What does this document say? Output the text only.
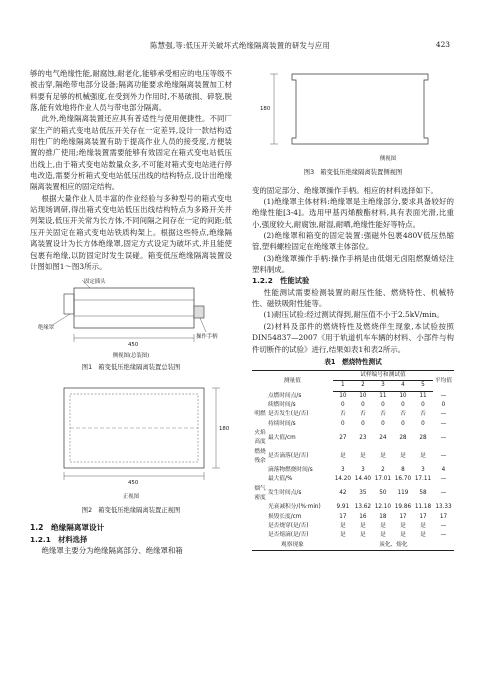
陈慧强,等:低压开关破坏式绝缘隔离装置的研发与应用	423

够的电气绝缘性能,耐腐蚀,耐老化,能够承受相应的电压等级不被击穿,隔绝带电部分设备;隔离功能要求绝缘隔离装置加工材料要有足够的机械强度,在受到外力作用时,不易破损、碎裂,脱落,能有效地将作业人员与带电部分隔离。

此外,绝缘隔离装置还应具有普适性与使用便捷性。不同厂家生产的箱式变电站低压开关存在一定差异,设计一款结构适用性广的绝缘隔离装置有助于提高作业人员的接受度,方便装置的推广使用;绝缘装置需要能够有效固定在箱式变电站低压出线上,由于箱式变电站数量众多,不可能对箱式变电站进行停电改造,需要分析箱式变电站低压出线的结构特点,设计出绝缘隔离装置相应的固定结构。

根据大量作业人员丰富的作业经验与多种型号的箱式变电站现场调研,得出箱式变电站低压出线结构特点为多路开关并列架设,低压开关常为长方体,不同间隔之间存在一定的间距;低压开关固定在箱式变电站铁质构架上。根据这些特点,绝缘隔离装置设计为长方体绝缘罩,固定方式设定为破坏式,并且能使包裹有绝缘,以防固定时发生误碰。箱变低压绝缘隔离装置设计图如图1～图3所示。

固定插头
绝缘罩
操作手柄
450
侧视图(总装图)
图1　箱变低压绝缘隔离装置总装图
180
450
正视图
图2　箱变低压绝缘隔离装置正视图
1.2　绝缘隔离罩设计
1.2.1　材料选择

绝缘罩主要分为绝缘隔离部分、绝缘罩和箱

180
侧视图
图3　箱变低压绝缘隔离装置侧视图

变的固定部分、绝缘罩操作手柄。相应的材料选择如下。

(1)绝缘罩主体材料:绝缘罩是主绝缘部分,要求具备较好的绝缘性能[3-4]。选用甲基丙烯酸酯材料,具有表面光滑,比重小,强度较大,耐腐蚀,耐湿,耐晒,绝缘性能好等特点。

(2)绝缘罩和箱变的固定装置:强磁外包裹480V低压热缩管,塑料螺栓固定在绝缘罩主体部位。

(3)绝缘罩操作手柄:操作手柄是由低烟无卤阻燃聚烯烃注塑料制成。

1.2.2　性能试验

性能测试需要检测装置的耐压性能、燃烧特性、机械特性、磁铁吸附性能等。

(1)耐压试验:经过测试得到,耐压值不小于2.5kV/min。

(2)材料及部件的燃烧特性及燃烧伴生现象,本试验按照DIN54837—2007《用于轨道机车车辆的材料、小部件与构件切断件的试验》进行,结果如表1和表2所示。

表1　燃烧特性测试
测量值		试样编号和测试值					平均值
		1	2	3	4	5	
	点燃时间点/s	10	10	11	10	11	—
	续燃时间/s	0	0	0	0	0	0
明燃	是否发生(是/否)	否	否	否	否	否	—
	持续时间/s	0	0	0	0	0	—
火焰高度	最大值/cm	27	23	24	28	28	—
燃烧残余	是否滴落(是/否)	是	是	是	是	是	—
	滴落物燃烧时间/s	3	3	2	8	3	4
	最大值/%	14.20	14.40	17.01	16.70	17.11	—
烟气密度	发生时间点/s	42	35	50	119	58	—
	光衰减积分/(%·min)	9.91	13.62	12.10	19.86	11.18	13.33
	损毁长度/cm	17	16	18	17	17	17
	是否烧穿(是/否)	是	是	是	是	是	—
	是否熔滴(是/否)	是	是	是	是	是	—
观察现象		炭化、熔化					
